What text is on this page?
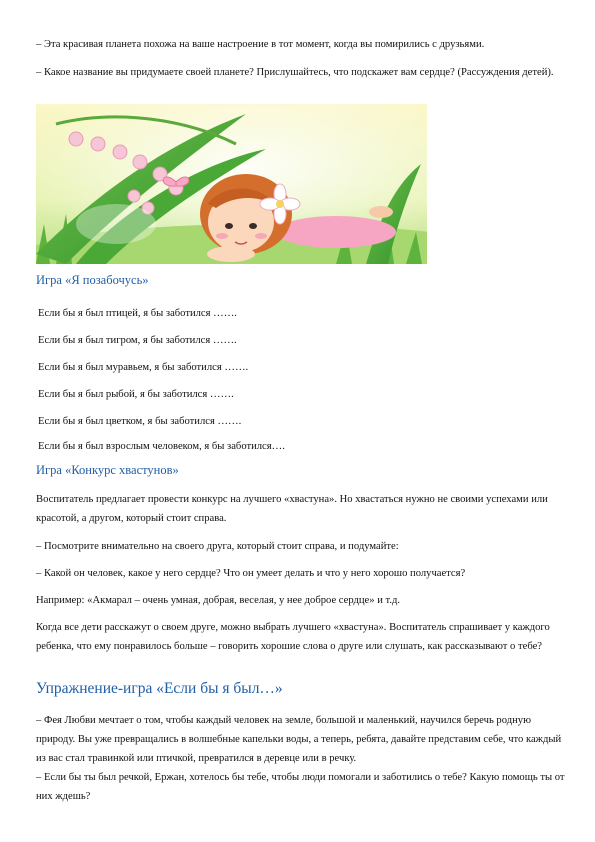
– Эта красивая планета похожа на ваше настроение в тот момент, когда вы помирились с друзьями.

– Какое название вы придумаете своей планете? Прислушайтесь, что подскажет вам сердце? (Рассуждения детей).

Игра «Я позабочусь»

Если бы я был птицей, я бы заботился …….

Если бы я был тигром, я бы заботился …….

Если бы я был муравьем, я бы заботился …….

Если бы я был рыбой, я бы заботился …….

Если бы я был цветком, я бы заботился …….

Если бы я был взрослым человеком, я бы заботился….

Игра «Конкурс хвастунов»

Воспитатель предлагает провести конкурс на лучшего «хвастуна». Но хвастаться нужно не своими успехами или красотой, а другом, который стоит справа.

– Посмотрите внимательно на своего друга, который стоит справа, и подумайте:

– Какой он человек, какое у него сердце? Что он умеет делать и что у него хорошо получается?

Например: «Акмарал – очень умная, добрая, веселая, у нее доброе сердце» и т.д.

Когда все дети расскажут о своем друге, можно выбрать лучшего «хвастуна». Воспитатель спрашивает у каждого ребенка, что ему понравилось больше – говорить хорошие слова о друге или слушать, как рассказывают о тебе?

Упражнение-игра «Если бы я был…»

– Фея Любви мечтает о том, чтобы каждый человек на земле, большой и маленький, научился беречь родную природу. Вы уже превращались в волшебные капельки воды, а теперь, ребята, давайте представим себе, что каждый из вас стал травинкой или птичкой, превратился в деревце или в речку.

– Если бы ты был речкой, Ержан, хотелось бы тебе, чтобы люди помогали и заботились о тебе? Какую помощь ты от них ждешь?
